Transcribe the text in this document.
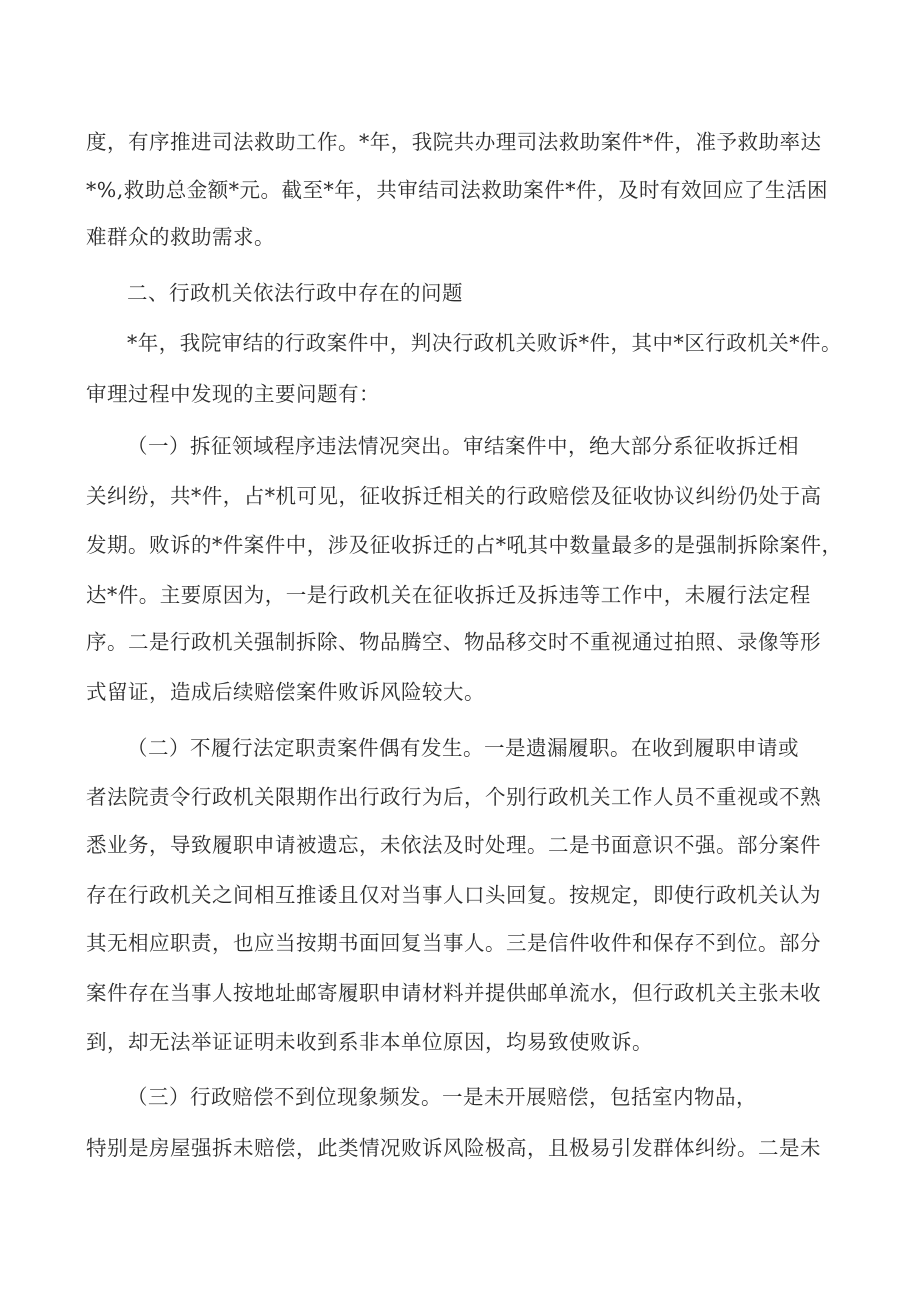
度，有序推进司法救助工作。*年，我院共办理司法救助案件*件，准予救助率达
*%,救助总金额*元。截至*年，共审结司法救助案件*件，及时有效回应了生活困
难群众的救助需求。
二、行政机关依法行政中存在的问题
*年，我院审结的行政案件中，判决行政机关败诉*件，其中*区行政机关*件。
审理过程中发现的主要问题有：
（一）拆征领域程序违法情况突出。审结案件中，绝大部分系征收拆迁相
关纠纷，共*件，占*机可见，征收拆迁相关的行政赔偿及征收协议纠纷仍处于高
发期。败诉的*件案件中，涉及征收拆迁的占*吼其中数量最多的是强制拆除案件，
达*件。主要原因为，一是行政机关在征收拆迁及拆违等工作中，未履行法定程
序。二是行政机关强制拆除、物品腾空、物品移交时不重视通过拍照、录像等形
式留证，造成后续赔偿案件败诉风险较大。
（二）不履行法定职责案件偶有发生。一是遗漏履职。在收到履职申请或
者法院责令行政机关限期作出行政行为后，个别行政机关工作人员不重视或不熟
悉业务，导致履职申请被遗忘，未依法及时处理。二是书面意识不强。部分案件
存在行政机关之间相互推诿且仅对当事人口头回复。按规定，即使行政机关认为
其无相应职责，也应当按期书面回复当事人。三是信件收件和保存不到位。部分
案件存在当事人按地址邮寄履职申请材料并提供邮单流水，但行政机关主张未收
到，却无法举证证明未收到系非本单位原因，均易致使败诉。
（三）行政赔偿不到位现象频发。一是未开展赔偿，包括室内物品，
特别是房屋强拆未赔偿，此类情况败诉风险极高，且极易引发群体纠纷。二是未
